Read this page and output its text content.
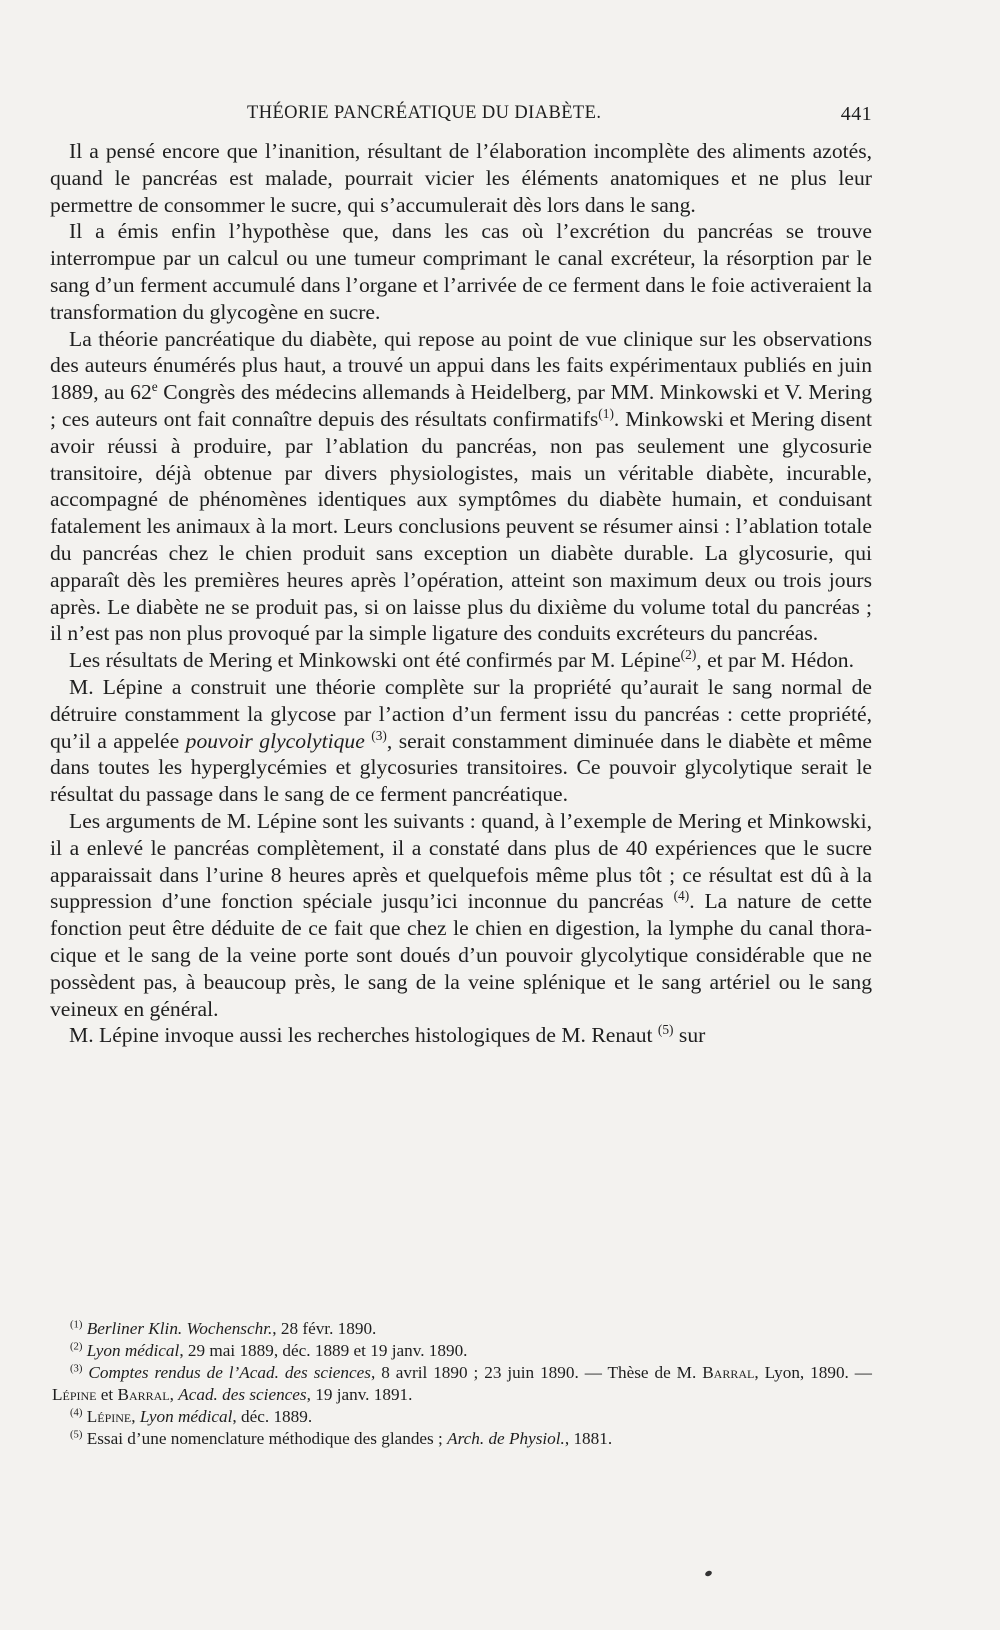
THÉORIE PANCRÉATIQUE DU DIABÈTE.	441

Il a pensé encore que l’inanition, résultant de l’élaboration incomplète des aliments azotés, quand le pancréas est malade, pourrait vicier les éléments anatomiques et ne plus leur permettre de consommer le sucre, qui s’accumulerait dès lors dans le sang.

Il a émis enfin l’hypothèse que, dans les cas où l’excrétion du pancréas se trouve interrompue par un calcul ou une tumeur comprimant le canal excréteur, la résorption par le sang d’un ferment accumulé dans l’organe et l’arrivée de ce ferment dans le foie activeraient la transformation du glycogène en sucre.

La théorie pancréatique du diabète, qui repose au point de vue clinique sur les observations des auteurs énumérés plus haut, a trouvé un appui dans les faits expérimentaux publiés en juin 1889, au 62e Congrès des médecins allemands à Heidelberg, par MM. Minkowski et V. Mering ; ces auteurs ont fait connaître depuis des résultats confirmatifs$^{(1)}$. Minkowski et Mering disent avoir réussi à produire, par l’ablation du pancréas, non pas seulement une glycosurie transitoire, déjà obtenue par divers physiologistes, mais un véritable diabète, incurable, accompagné de phénomènes identiques aux symptômes du diabète humain, et conduisant fatalement les animaux à la mort. Leurs conclusions peuvent se résumer ainsi : l’ablation totale du pancréas chez le chien produit sans exception un diabète durable. La glycosurie, qui apparaît dès les premières heures après l’opération, atteint son maximum deux ou trois jours après. Le diabète ne se produit pas, si on laisse plus du dixième du volume total du pancréas ; il n’est pas non plus provoqué par la simple ligature des conduits excréteurs du pancréas.

Les résultats de Mering et Minkowski ont été confirmés par M. Lépine$^{(2)}$, et par M. Hédon.

M. Lépine a construit une théorie complète sur la propriété qu’aurait le sang normal de détruire constamment la glycose par l’action d’un ferment issu du pancréas : cette propriété, qu’il a appelée pouvoir glycolytique $^{(3)}$, serait constamment diminuée dans le diabète et même dans toutes les hyperglycémies et glycosuries transitoires. Ce pouvoir glycolytique serait le résultat du passage dans le sang de ce ferment pancréatique.

Les arguments de M. Lépine sont les suivants : quand, à l’exemple de Mering et Minkowski, il a enlevé le pancréas complètement, il a constaté dans plus de 40 expériences que le sucre apparaissait dans l’urine 8 heures après et quelquefois même plus tôt ; ce résultat est dû à la suppression d’une fonction spéciale jusqu’ici inconnue du pancréas $^{(4)}$. La nature de cette fonction peut être déduite de ce fait que chez le chien en digestion, la lymphe du canal thoracique et le sang de la veine porte sont doués d’un pouvoir glycolytique considérable que ne possèdent pas, à beaucoup près, le sang de la veine splénique et le sang artériel ou le sang veineux en général.

M. Lépine invoque aussi les recherches histologiques de M. Renaut $^{(5)}$ sur

$^{(1)}$ Berliner Klin. Wochenschr., 28 févr. 1890.

$^{(2)}$ Lyon médical, 29 mai 1889, déc. 1889 et 19 janv. 1890.

$^{(3)}$ Comptes rendus de l’Acad. des sciences, 8 avril 1890 ; 23 juin 1890. — Thèse de M. Barral, Lyon, 1890. — Lépine et Barral, Acad. des sciences, 19 janv. 1891.

$^{(4)}$ Lépine, Lyon médical, déc. 1889.

$^{(5)}$ Essai d’une nomenclature méthodique des glandes ; Arch. de Physiol., 1881.
